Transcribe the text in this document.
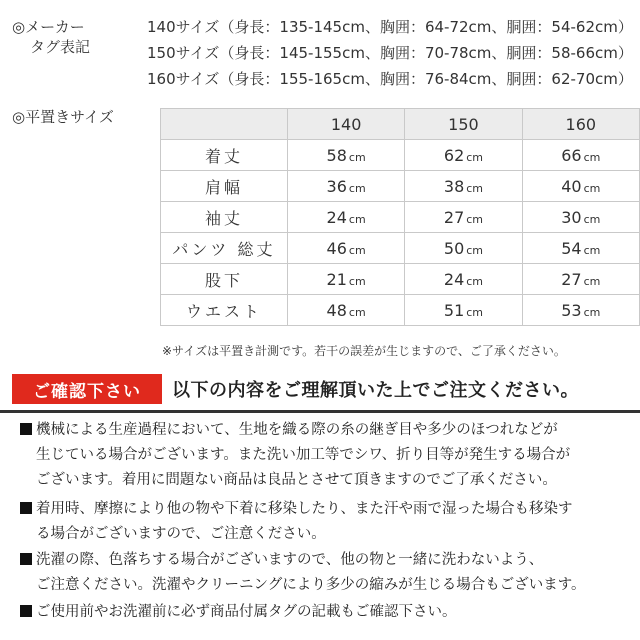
◎メーカー
タグ表記
140サイズ（身長：135-145cm、胸囲：64-72cm、胴囲：54-62cm）
150サイズ（身長：145-155cm、胸囲：70-78cm、胴囲：58-66cm）
160サイズ（身長：155-165cm、胸囲：76-84cm、胴囲：62-70cm）
◎平置きサイズ
		140	150	160
着丈	58 cm	62 cm	66 cm
肩幅	36 cm	38 cm	40 cm
袖丈	24 cm	27 cm	30 cm
パンツ 総丈	46 cm	50 cm	54 cm
股下	21 cm	24 cm	27 cm
ウエスト	48 cm	51 cm	53 cm
※サイズは平置き計測です。若干の誤差が生じますので、ご了承ください。
ご確認下さい	以下の内容をご理解頂いた上でご注文ください。
機械による生産過程において、生地を織る際の糸の継ぎ目や多少のほつれなどが
生じている場合がございます。また洗い加工等でシワ、折り目等が発生する場合が
ございます。着用に問題ない商品は良品とさせて頂きますのでご了承ください。
着用時、摩擦により他の物や下着に移染したり、また汗や雨で湿った場合も移染す
る場合がございますので、ご注意ください。
洗濯の際、色落ちする場合がございますので、他の物と一緒に洗わないよう、
ご注意ください。洗濯やクリーニングにより多少の縮みが生じる場合もございます。
ご使用前やお洗濯前に必ず商品付属タグの記載もご確認下さい。
